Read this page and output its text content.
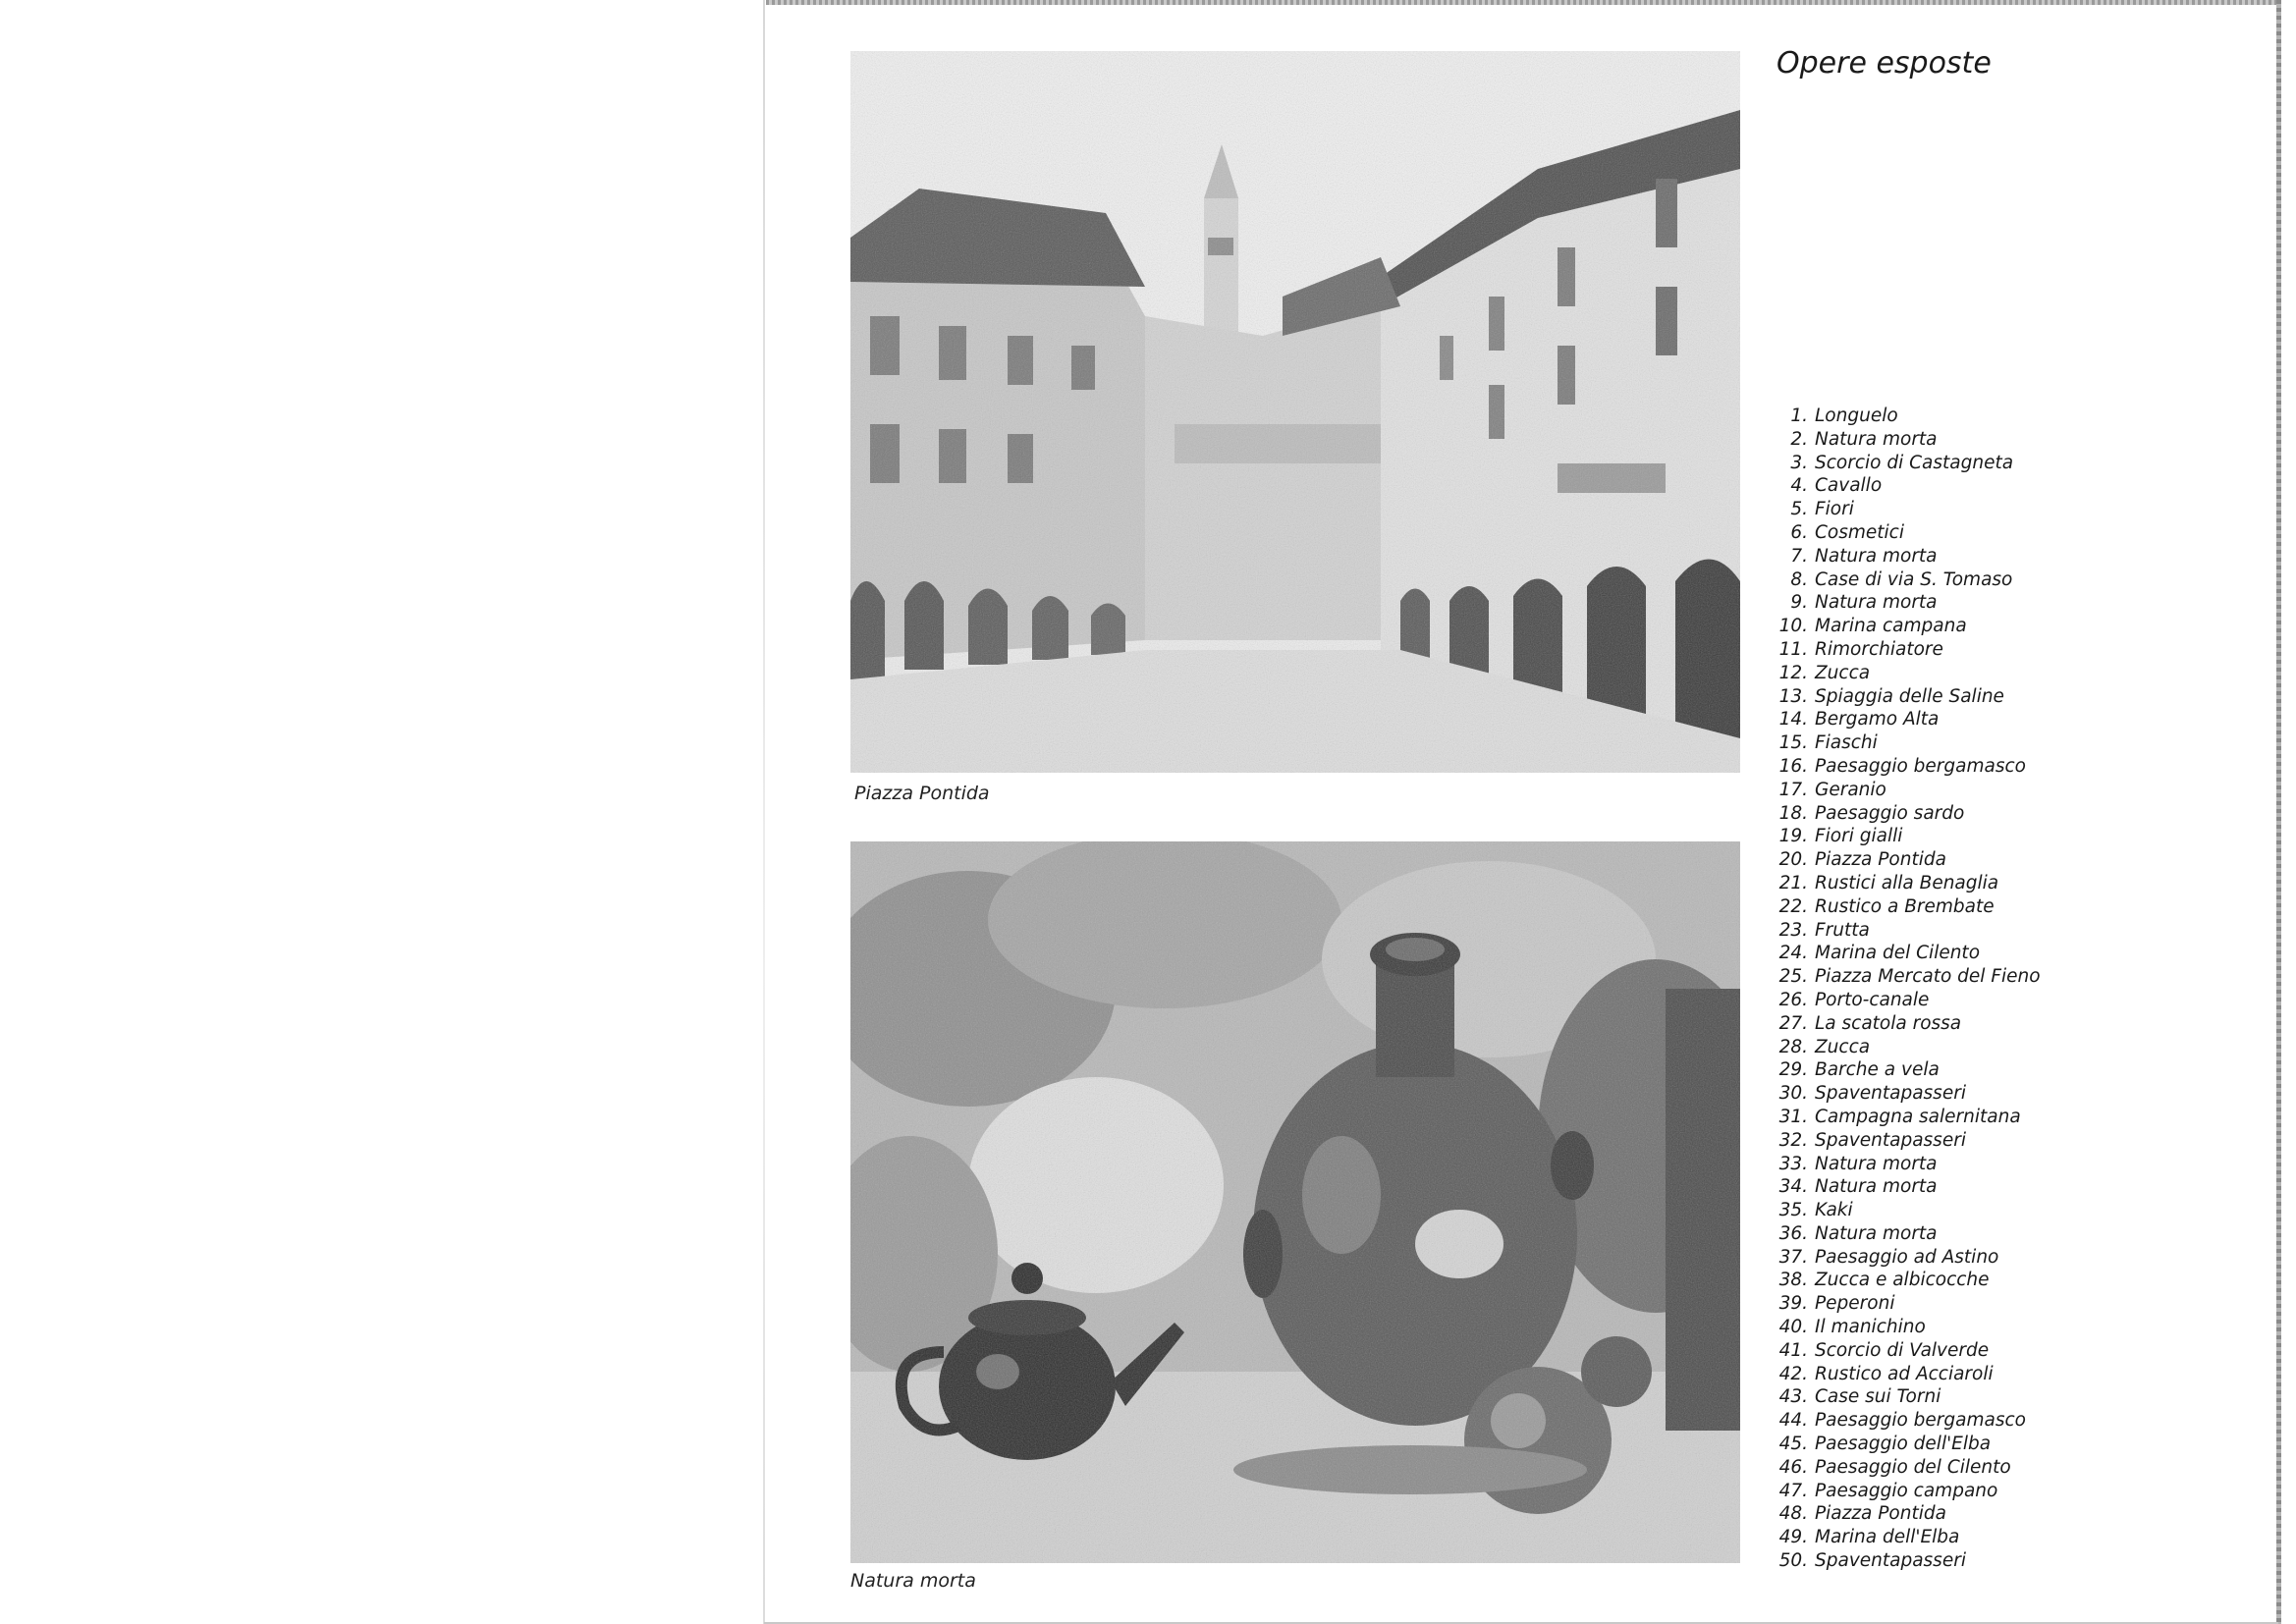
Piazza Pontida
Natura morta
Opere esposte
1. Longuelo
2. Natura morta
3. Scorcio di Castagneta
4. Cavallo
5. Fiori
6. Cosmetici
7. Natura morta
8. Case di via S. Tomaso
9. Natura morta
10. Marina campana
11. Rimorchiatore
12. Zucca
13. Spiaggia delle Saline
14. Bergamo Alta
15. Fiaschi
16. Paesaggio bergamasco
17. Geranio
18. Paesaggio sardo
19. Fiori gialli
20. Piazza Pontida
21. Rustici alla Benaglia
22. Rustico a Brembate
23. Frutta
24. Marina del Cilento
25. Piazza Mercato del Fieno
26. Porto-canale
27. La scatola rossa
28. Zucca
29. Barche a vela
30. Spaventapasseri
31. Campagna salernitana
32. Spaventapasseri
33. Natura morta
34. Natura morta
35. Kaki
36. Natura morta
37. Paesaggio ad Astino
38. Zucca e albicocche
39. Peperoni
40. Il manichino
41. Scorcio di Valverde
42. Rustico ad Acciaroli
43. Case sui Torni
44. Paesaggio bergamasco
45. Paesaggio dell'Elba
46. Paesaggio del Cilento
47. Paesaggio campano
48. Piazza Pontida
49. Marina dell'Elba
50. Spaventapasseri
